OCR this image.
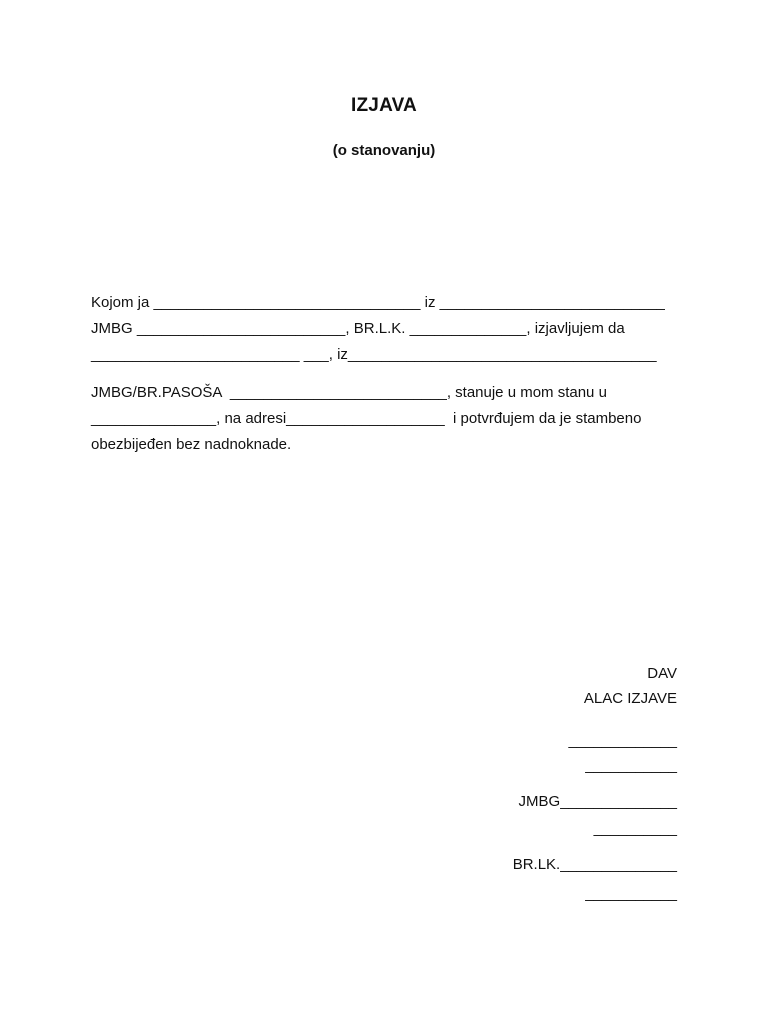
IZJAVA
(o stanovanju)
Kojom ja ________________________________ iz ___________________________
JMBG _________________________, BR.L.K. ______________, izjavljujem da
_________________________ ___, iz_____________________________________
JMBG/BR.PASOŠA  __________________________, stanuje u mom stanu u
_______________, na adresi___________________  i potvrđujem da je stambeno
obezbijeđen bez nadnoknade.
DAV
ALAC IZJAVE
_____________
___________
JMBG______________
__________
BR.LK.______________
___________
